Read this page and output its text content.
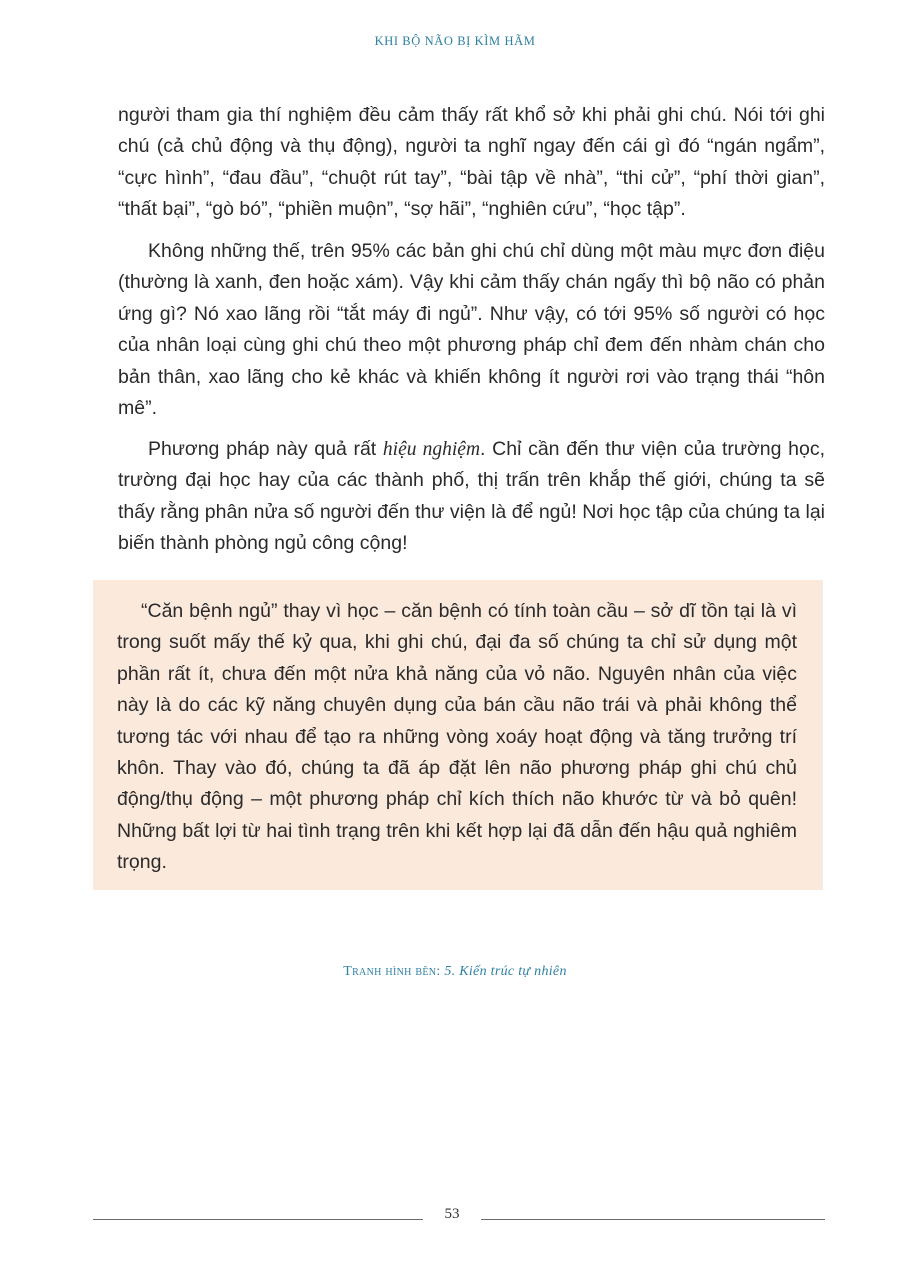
KHI BỘ NÃO BỊ KÌM HÃM

người tham gia thí nghiệm đều cảm thấy rất khổ sở khi phải ghi chú. Nói tới ghi chú (cả chủ động và thụ động), người ta nghĩ ngay đến cái gì đó “ngán ngẩm”, “cực hình”, “đau đầu”, “chuột rút tay”, “bài tập về nhà”, “thi cử”, “phí thời gian”, “thất bại”, “gò bó”, “phiền muộn”, “sợ hãi”, “nghiên cứu”, “học tập”.

Không những thế, trên 95% các bản ghi chú chỉ dùng một màu mực đơn điệu (thường là xanh, đen hoặc xám). Vậy khi cảm thấy chán ngấy thì bộ não có phản ứng gì? Nó xao lãng rồi “tắt máy đi ngủ”. Như vậy, có tới 95% số người có học của nhân loại cùng ghi chú theo một phương pháp chỉ đem đến nhàm chán cho bản thân, xao lãng cho kẻ khác và khiến không ít người rơi vào trạng thái “hôn mê”.

Phương pháp này quả rất hiệu nghiệm. Chỉ cần đến thư viện của trường học, trường đại học hay của các thành phố, thị trấn trên khắp thế giới, chúng ta sẽ thấy rằng phân nửa số người đến thư viện là để ngủ! Nơi học tập của chúng ta lại biến thành phòng ngủ công cộng!

“Căn bệnh ngủ” thay vì học – căn bệnh có tính toàn cầu – sở dĩ tồn tại là vì trong suốt mấy thế kỷ qua, khi ghi chú, đại đa số chúng ta chỉ sử dụng một phần rất ít, chưa đến một nửa khả năng của vỏ não. Nguyên nhân của việc này là do các kỹ năng chuyên dụng của bán cầu não trái và phải không thể tương tác với nhau để tạo ra những vòng xoáy hoạt động và tăng trưởng trí khôn. Thay vào đó, chúng ta đã áp đặt lên não phương pháp ghi chú chủ động/thụ động – một phương pháp chỉ kích thích não khước từ và bỏ quên! Những bất lợi từ hai tình trạng trên khi kết hợp lại đã dẫn đến hậu quả nghiêm trọng.

Tranh hình bên: 5. Kiến trúc tự nhiên
53
